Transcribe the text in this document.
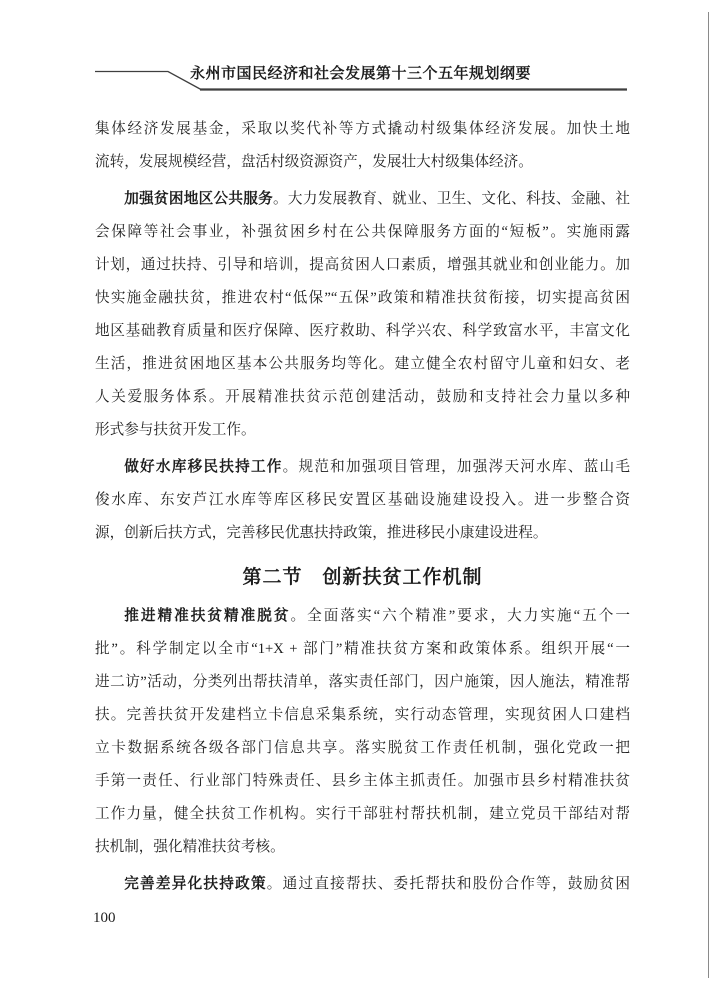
永州市国民经济和社会发展第十三个五年规划纲要

集体经济发展基金，采取以奖代补等方式撬动村级集体经济发展。加快土地
流转，发展规模经营，盘活村级资源资产，发展壮大村级集体经济。

加强贫困地区公共服务。大力发展教育、就业、卫生、文化、科技、金融、社
会保障等社会事业，补强贫困乡村在公共保障服务方面的“短板”。实施雨露
计划，通过扶持、引导和培训，提高贫困人口素质，增强其就业和创业能力。加
快实施金融扶贫，推进农村“低保”“五保”政策和精准扶贫衔接，切实提高贫困
地区基础教育质量和医疗保障、医疗救助、科学兴农、科学致富水平，丰富文化
生活，推进贫困地区基本公共服务均等化。建立健全农村留守儿童和妇女、老
人关爱服务体系。开展精准扶贫示范创建活动，鼓励和支持社会力量以多种
形式参与扶贫开发工作。

做好水库移民扶持工作。规范和加强项目管理，加强涔天河水库、蓝山毛
俊水库、东安芦江水库等库区移民安置区基础设施建设投入。进一步整合资
源，创新后扶方式，完善移民优惠扶持政策，推进移民小康建设进程。

第二节　创新扶贫工作机制

推进精准扶贫精准脱贫。全面落实“六个精准”要求，大力实施“五个一
批”。科学制定以全市“1+X + 部门”精准扶贫方案和政策体系。组织开展“一
进二访”活动，分类列出帮扶清单，落实责任部门，因户施策，因人施法，精准帮
扶。完善扶贫开发建档立卡信息采集系统，实行动态管理，实现贫困人口建档
立卡数据系统各级各部门信息共享。落实脱贫工作责任机制，强化党政一把
手第一责任、行业部门特殊责任、县乡主体主抓责任。加强市县乡村精准扶贫
工作力量，健全扶贫工作机构。实行干部驻村帮扶机制，建立党员干部结对帮
扶机制，强化精准扶贫考核。

完善差异化扶持政策。通过直接帮扶、委托帮扶和股份合作等，鼓励贫困

100
